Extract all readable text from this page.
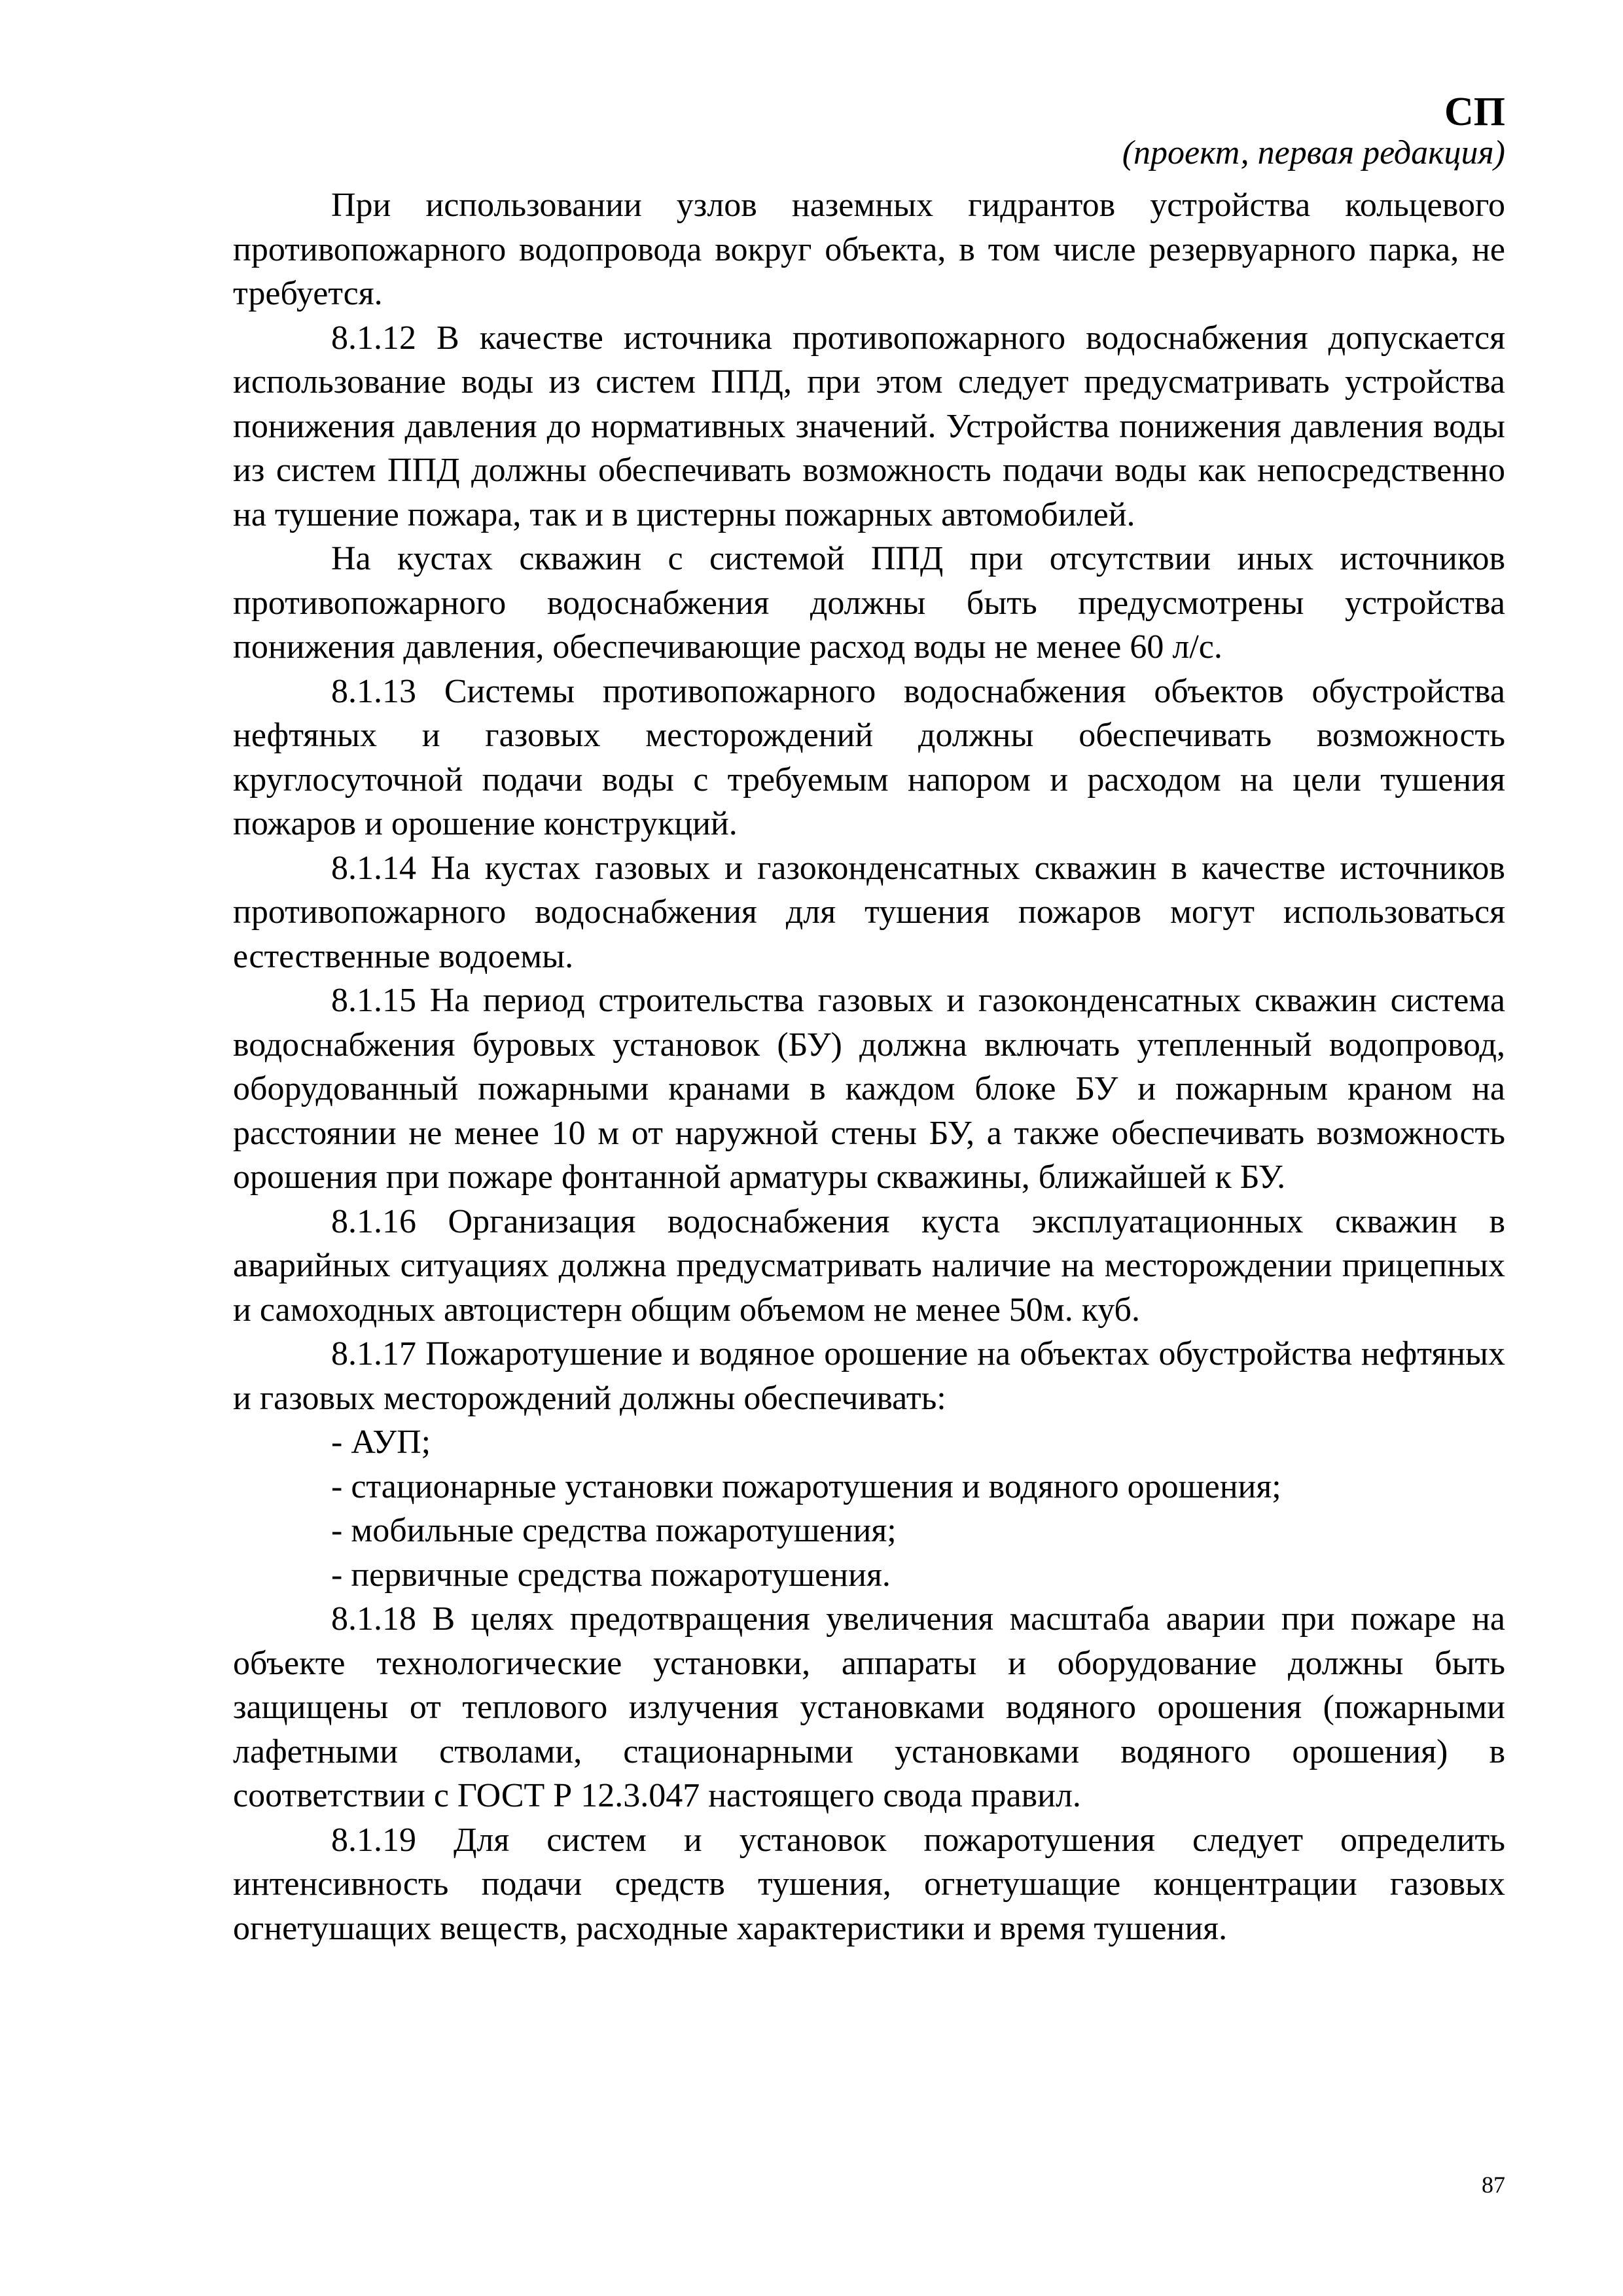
СП
(проект, первая редакция)

При использовании узлов наземных гидрантов устройства кольцевого противопожарного водопровода вокруг объекта, в том числе резервуарного парка, не требуется.

8.1.12 В качестве источника противопожарного водоснабжения допускается использование воды из систем ППД, при этом следует предусматривать устройства понижения давления до нормативных значений. Устройства понижения давления воды из систем ППД должны обеспечивать возможность подачи воды как непосредственно на тушение пожара, так и в цистерны пожарных автомобилей.

На кустах скважин с системой ППД при отсутствии иных источников противопожарного водоснабжения должны быть предусмотрены устройства понижения давления, обеспечивающие расход воды не менее 60 л/с.

8.1.13 Системы противопожарного водоснабжения объектов обустройства нефтяных и газовых месторождений должны обеспечивать возможность круглосуточной подачи воды с требуемым напором и расходом на цели тушения пожаров и орошение конструкций.

8.1.14 На кустах газовых и газоконденсатных скважин в качестве источников противопожарного водоснабжения для тушения пожаров могут использоваться естественные водоемы.

8.1.15 На период строительства газовых и газоконденсатных скважин система водоснабжения буровых установок (БУ) должна включать утепленный водопровод, оборудованный пожарными кранами в каждом блоке БУ и пожарным краном на расстоянии не менее 10 м от наружной стены БУ, а также обеспечивать возможность орошения при пожаре фонтанной арматуры скважины, ближайшей к БУ.

8.1.16 Организация водоснабжения куста эксплуатационных скважин в аварийных ситуациях должна предусматривать наличие на месторождении прицепных и самоходных автоцистерн общим объемом не менее 50м. куб.

8.1.17 Пожаротушение и водяное орошение на объектах обустройства нефтяных и газовых месторождений должны обеспечивать:

- АУП;

- стационарные установки пожаротушения и водяного орошения;

- мобильные средства пожаротушения;

- первичные средства пожаротушения.

8.1.18 В целях предотвращения увеличения масштаба аварии при пожаре на объекте технологические установки, аппараты и оборудование должны быть защищены от теплового излучения установками водяного орошения (пожарными лафетными стволами, стационарными установками водяного орошения) в соответствии с ГОСТ Р 12.3.047 настоящего свода правил.

8.1.19 Для систем и установок пожаротушения следует определить интенсивность подачи средств тушения, огнетушащие концентрации газовых огнетушащих веществ, расходные характеристики и время тушения.

87
